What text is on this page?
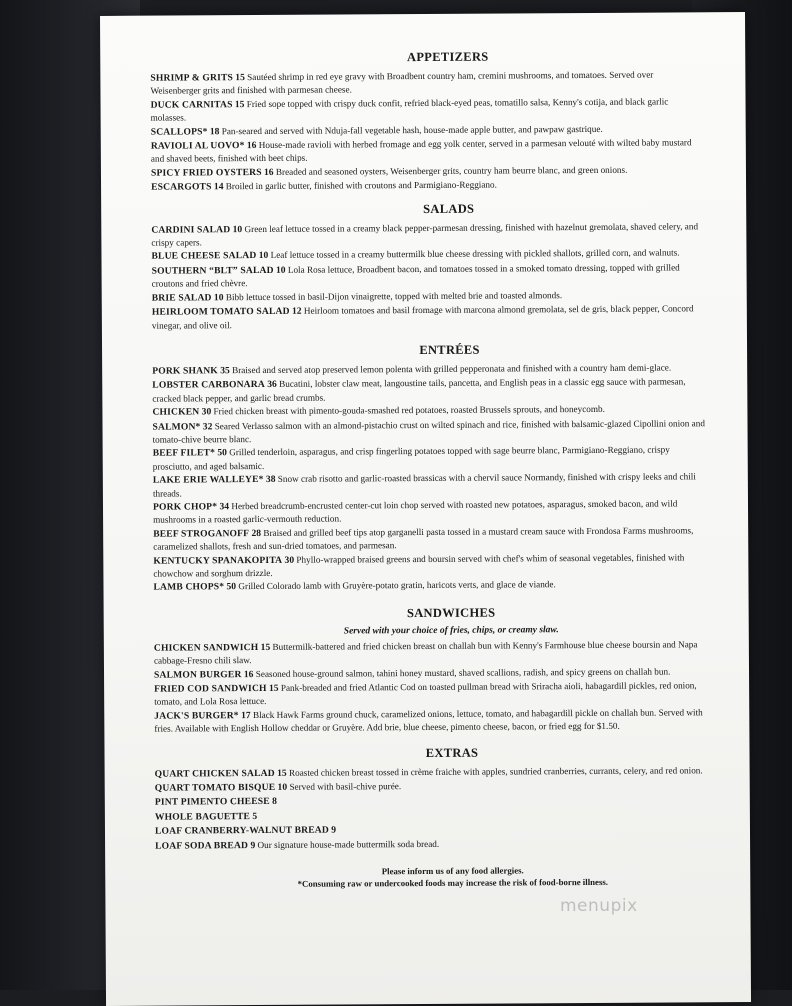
APPETIZERS
SHRIMP & GRITS 15 Sautéed shrimp in red eye gravy with Broadbent country ham, cremini mushrooms, and tomatoes. Served over Weisenberger grits and finished with parmesan cheese.
DUCK CARNITAS 15 Fried sope topped with crispy duck confit, refried black-eyed peas, tomatillo salsa, Kenny's cotija, and black garlic molasses.
SCALLOPS* 18 Pan-seared and served with Nduja-fall vegetable hash, house-made apple butter, and pawpaw gastrique.
RAVIOLI AL UOVO* 16 House-made ravioli with herbed fromage and egg yolk center, served in a parmesan velouté with wilted baby mustard and shaved beets, finished with beet chips.
SPICY FRIED OYSTERS 16 Breaded and seasoned oysters, Weisenberger grits, country ham beurre blanc, and green onions.
ESCARGOTS 14 Broiled in garlic butter, finished with croutons and Parmigiano-Reggiano.
SALADS
CARDINI SALAD 10 Green leaf lettuce tossed in a creamy black pepper-parmesan dressing, finished with hazelnut gremolata, shaved celery, and crispy capers.
BLUE CHEESE SALAD 10 Leaf lettuce tossed in a creamy buttermilk blue cheese dressing with pickled shallots, grilled corn, and walnuts.
SOUTHERN “BLT” SALAD 10 Lola Rosa lettuce, Broadbent bacon, and tomatoes tossed in a smoked tomato dressing, topped with grilled croutons and fried chèvre.
BRIE SALAD 10 Bibb lettuce tossed in basil-Dijon vinaigrette, topped with melted brie and toasted almonds.
HEIRLOOM TOMATO SALAD 12 Heirloom tomatoes and basil fromage with marcona almond gremolata, sel de gris, black pepper, Concord vinegar, and olive oil.
ENTRÉES
PORK SHANK 35 Braised and served atop preserved lemon polenta with grilled pepperonata and finished with a country ham demi-glace.
LOBSTER CARBONARA 36 Bucatini, lobster claw meat, langoustine tails, pancetta, and English peas in a classic egg sauce with parmesan, cracked black pepper, and garlic bread crumbs.
CHICKEN 30 Fried chicken breast with pimento-gouda-smashed red potatoes, roasted Brussels sprouts, and honeycomb.
SALMON* 32 Seared Verlasso salmon with an almond-pistachio crust on wilted spinach and rice, finished with balsamic-glazed Cipollini onion and tomato-chive beurre blanc.
BEEF FILET* 50 Grilled tenderloin, asparagus, and crisp fingerling potatoes topped with sage beurre blanc, Parmigiano-Reggiano, crispy prosciutto, and aged balsamic.
LAKE ERIE WALLEYE* 38 Snow crab risotto and garlic-roasted brassicas with a chervil sauce Normandy, finished with crispy leeks and chili threads.
PORK CHOP* 34 Herbed breadcrumb-encrusted center-cut loin chop served with roasted new potatoes, asparagus, smoked bacon, and wild mushrooms in a roasted garlic-vermouth reduction.
BEEF STROGANOFF 28 Braised and grilled beef tips atop garganelli pasta tossed in a mustard cream sauce with Frondosa Farms mushrooms, caramelized shallots, fresh and sun-dried tomatoes, and parmesan.
KENTUCKY SPANAKOPITA 30 Phyllo-wrapped braised greens and boursin served with chef's whim of seasonal vegetables, finished with chowchow and sorghum drizzle.
LAMB CHOPS* 50 Grilled Colorado lamb with Gruyère-potato gratin, haricots verts, and glace de viande.
SANDWICHES
Served with your choice of fries, chips, or creamy slaw.
CHICKEN SANDWICH 15 Buttermilk-battered and fried chicken breast on challah bun with Kenny's Farmhouse blue cheese boursin and Napa cabbage-Fresno chili slaw.
SALMON BURGER 16 Seasoned house-ground salmon, tahini honey mustard, shaved scallions, radish, and spicy greens on challah bun.
FRIED COD SANDWICH 15 Pank-breaded and fried Atlantic Cod on toasted pullman bread with Sriracha aioli, habagardill pickles, red onion, tomato, and Lola Rosa lettuce.
JACK'S BURGER* 17 Black Hawk Farms ground chuck, caramelized onions, lettuce, tomato, and habagardill pickle on challah bun. Served with fries. Available with English Hollow cheddar or Gruyère. Add brie, blue cheese, pimento cheese, bacon, or fried egg for $1.50.
EXTRAS
QUART CHICKEN SALAD 15 Roasted chicken breast tossed in crème fraiche with apples, sundried cranberries, currants, celery, and red onion.
QUART TOMATO BISQUE 10 Served with basil-chive purée.
PINT PIMENTO CHEESE 8
WHOLE BAGUETTE 5
LOAF CRANBERRY-WALNUT BREAD 9
LOAF SODA BREAD 9 Our signature house-made buttermilk soda bread.
Please inform us of any food allergies.
*Consuming raw or undercooked foods may increase the risk of food-borne illness.
menupix
